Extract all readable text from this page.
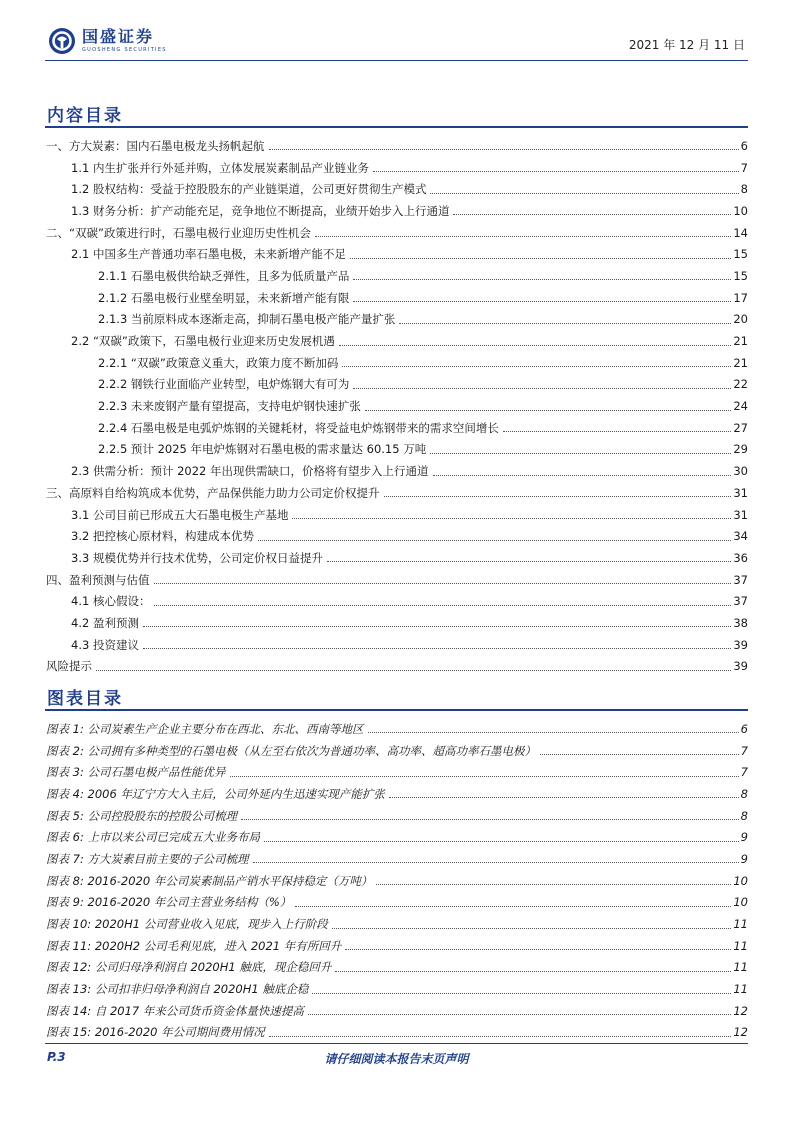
国盛证券
GUOSHENG SECURITIES	2021 年 12 月 11 日
内容目录
一、方大炭素：国内石墨电极龙头扬帆起航	6
1.1 内生扩张并行外延并购，立体发展炭素制品产业链业务	7
1.2 股权结构：受益于控股股东的产业链渠道，公司更好贯彻生产模式	8
1.3 财务分析：扩产动能充足，竞争地位不断提高，业绩开始步入上行通道	10
二、“双碳”政策进行时，石墨电极行业迎历史性机会	14
2.1 中国多生产普通功率石墨电极，未来新增产能不足	15
2.1.1 石墨电极供给缺乏弹性，且多为低质量产品	15
2.1.2 石墨电极行业壁垒明显，未来新增产能有限	17
2.1.3 当前原料成本逐渐走高，抑制石墨电极产能产量扩张	20
2.2 “双碳”政策下，石墨电极行业迎来历史发展机遇	21
2.2.1 “双碳”政策意义重大，政策力度不断加码	21
2.2.2 钢铁行业面临产业转型，电炉炼钢大有可为	22
2.2.3 未来废钢产量有望提高，支持电炉钢快速扩张	24
2.2.4 石墨电极是电弧炉炼钢的关键耗材，将受益电炉炼钢带来的需求空间增长	27
2.2.5 预计 2025 年电炉炼钢对石墨电极的需求量达 60.15 万吨	29
2.3 供需分析：预计 2022 年出现供需缺口，价格将有望步入上行通道	30
三、高原料自给构筑成本优势，产品保供能力助力公司定价权提升	31
3.1 公司目前已形成五大石墨电极生产基地	31
3.2 把控核心原材料，构建成本优势	34
3.3 规模优势并行技术优势，公司定价权日益提升	36
四、盈利预测与估值	37
4.1 核心假设：	37
4.2 盈利预测	38
4.3 投资建议	39
风险提示	39
图表目录
图表 1: 公司炭素生产企业主要分布在西北、东北、西南等地区	6
图表 2: 公司拥有多种类型的石墨电极（从左至右依次为普通功率、高功率、超高功率石墨电极）	7
图表 3: 公司石墨电极产品性能优异	7
图表 4: 2006 年辽宁方大入主后，公司外延内生迅速实现产能扩张	8
图表 5: 公司控股股东的控股公司梳理	8
图表 6: 上市以来公司已完成五大业务布局	9
图表 7: 方大炭素目前主要的子公司梳理	9
图表 8: 2016-2020 年公司炭素制品产销水平保持稳定（万吨）	10
图表 9: 2016-2020 年公司主营业务结构（%）	10
图表 10: 2020H1 公司营业收入见底，现步入上行阶段	11
图表 11: 2020H2 公司毛利见底，进入 2021 年有所回升	11
图表 12: 公司归母净利润自 2020H1 触底，现企稳回升	11
图表 13: 公司扣非归母净利润自 2020H1 触底企稳	11
图表 14: 自 2017 年来公司货币资金体量快速提高	12
图表 15: 2016-2020 年公司期间费用情况	12
P.3	请仔细阅读本报告末页声明
